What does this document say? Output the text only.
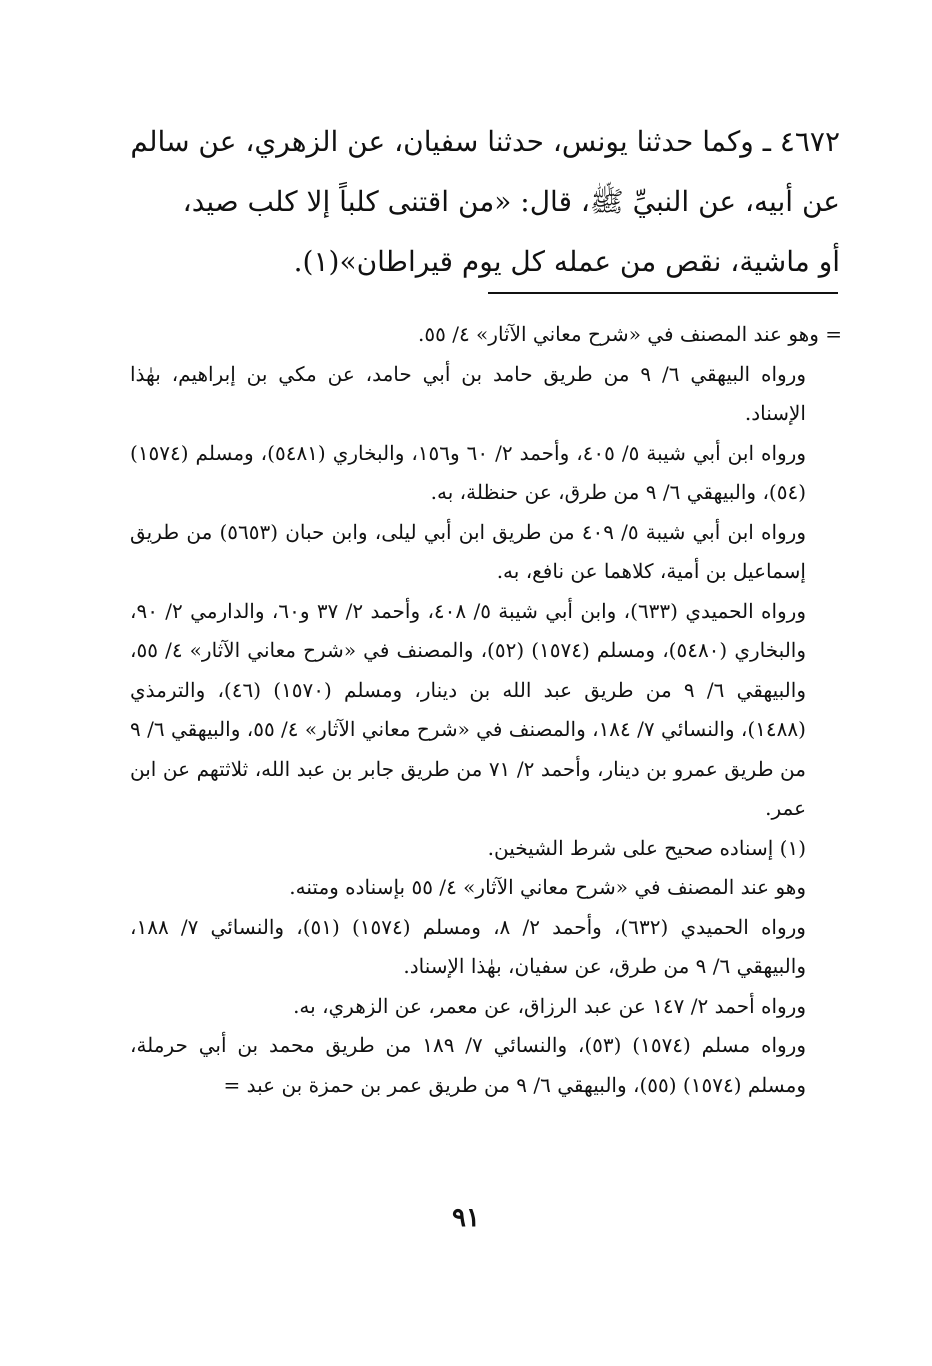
٤٦٧٢ ـ وكما حدثنا يونس، حدثنا سفيان، عن الزهري، عن سالم

عن أبيه، عن النبيِّ ﷺ، قال: «من اقتنى كلباً إلا كلب صيد،

أو ماشية، نقص من عمله كل يوم قيراطان»(١).

= وهو عند المصنف في «شرح معاني الآثار» ٤/ ٥٥.

ورواه البيهقي ٦/ ٩ من طريق حامد بن أبي حامد، عن مكي بن إبراهيم، بهٰذا الإسناد.

ورواه ابن أبي شيبة ٥/ ٤٠٥، وأحمد ٢/ ٦٠ و١٥٦، والبخاري (٥٤٨١)، ومسلم (١٥٧٤) (٥٤)، والبيهقي ٦/ ٩ من طرق، عن حنظلة، به.

ورواه ابن أبي شيبة ٥/ ٤٠٩ من طريق ابن أبي ليلى، وابن حبان (٥٦٥٣) من طريق إسماعيل بن أمية، كلاهما عن نافع، به.

ورواه الحميدي (٦٣٣)، وابن أبي شيبة ٥/ ٤٠٨، وأحمد ٢/ ٣٧ و٦٠، والدارمي ٢/ ٩٠، والبخاري (٥٤٨٠)، ومسلم (١٥٧٤) (٥٢)، والمصنف في «شرح معاني الآثار» ٤/ ٥٥، والبيهقي ٦/ ٩ من طريق عبد الله بن دينار، ومسلم (١٥٧٠) (٤٦)، والترمذي (١٤٨٨)، والنسائي ٧/ ١٨٤، والمصنف في «شرح معاني الآثار» ٤/ ٥٥، والبيهقي ٦/ ٩ من طريق عمرو بن دينار، وأحمد ٢/ ٧١ من طريق جابر بن عبد الله، ثلاثتهم عن ابن عمر.

(١) إسناده صحيح على شرط الشيخين.

وهو عند المصنف في «شرح معاني الآثار» ٤/ ٥٥ بإسناده ومتنه.

ورواه الحميدي (٦٣٢)، وأحمد ٢/ ٨، ومسلم (١٥٧٤) (٥١)، والنسائي ٧/ ١٨٨، والبيهقي ٦/ ٩ من طرق، عن سفيان، بهٰذا الإسناد.

ورواه أحمد ٢/ ١٤٧ عن عبد الرزاق، عن معمر، عن الزهري، به.

ورواه مسلم (١٥٧٤) (٥٣)، والنسائي ٧/ ١٨٩ من طريق محمد بن أبي حرملة، ومسلم (١٥٧٤) (٥٥)، والبيهقي ٦/ ٩ من طريق عمر بن حمزة بن عبد =

٩١
